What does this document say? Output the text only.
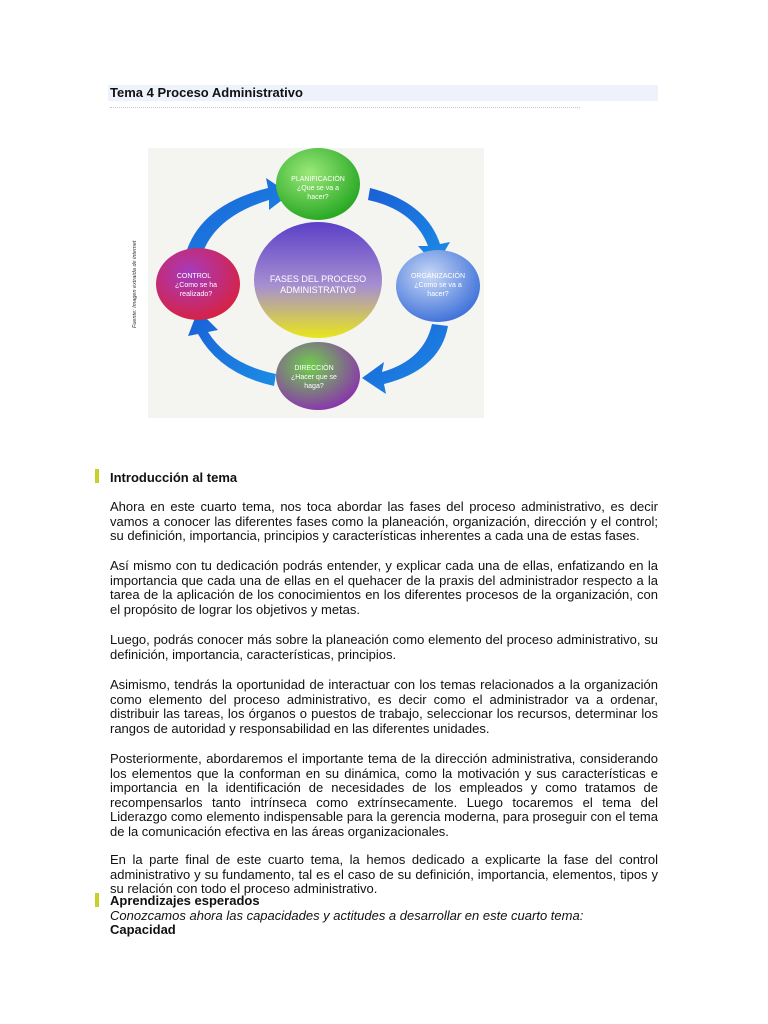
Tema 4 Proceso Administrativo
Fuente: Imagen extraída de internet	FASES DEL PROCESO
ADMINISTRATIVO
PLANIFICACIÓN
¿Que se va a
hacer?
ORGANIZACIÓN
¿Como se va a
hacer?
DIRECCIÓN
¿Hacer que se
haga?
CONTROL
¿Como se ha
realizado?
Introducción al tema
Ahora en este cuarto tema, nos toca abordar las fases del proceso administrativo, es decir vamos a conocer las diferentes fases como la planeación, organización, dirección y el control; su definición, importancia, principios y características inherentes a cada una de estas fases.
Así mismo con tu dedicación podrás entender, y explicar cada una de ellas, enfatizando en la importancia que cada una de ellas en el quehacer de la praxis del administrador respecto a la tarea de la aplicación de los conocimientos en los diferentes procesos de la organización, con el propósito de lograr los objetivos y metas.
Luego, podrás conocer más sobre la planeación como elemento del proceso administrativo, su definición, importancia, características, principios.
Asimismo, tendrás la oportunidad de interactuar con los temas relacionados a la organización como elemento del proceso administrativo, es decir como el administrador va a ordenar, distribuir las tareas, los órganos o puestos de trabajo, seleccionar los recursos, determinar los rangos de autoridad y responsabilidad en las diferentes unidades.
Posteriormente, abordaremos el importante tema de la dirección administrativa, considerando los elementos que la conforman en su dinámica, como la motivación y sus características e importancia en la identificación de necesidades de los empleados y como tratamos de recompensarlos tanto intrínseca como extrínsecamente. Luego tocaremos el tema del Liderazgo como elemento indispensable para la gerencia moderna, para proseguir con el tema de la comunicación efectiva en las áreas organizacionales.
En la parte final de este cuarto tema, la hemos dedicado a explicarte la fase del control administrativo y su fundamento, tal es el caso de su definición, importancia, elementos, tipos y su relación con todo el proceso administrativo.
Aprendizajes esperados
Conozcamos ahora las capacidades y actitudes a desarrollar en este cuarto tema:
Capacidad
